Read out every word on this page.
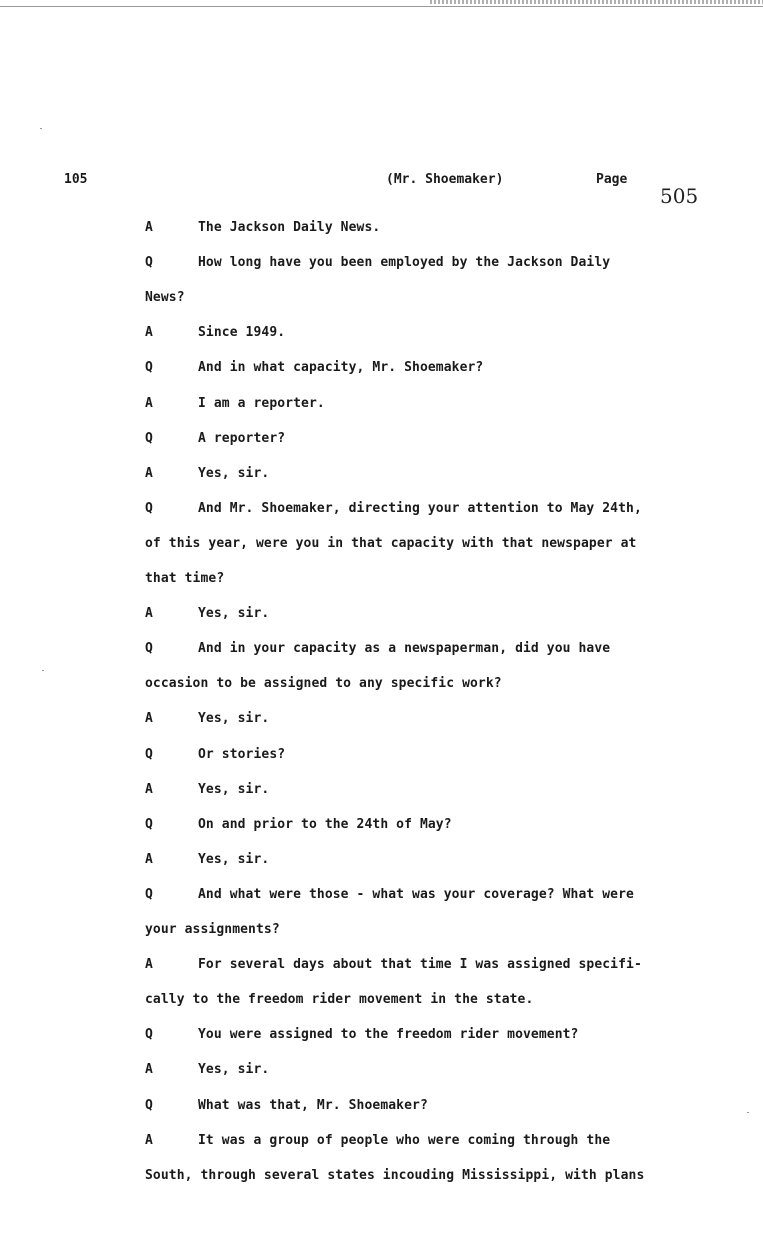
105	(Mr. Shoemaker)	Page
505
A	The Jackson Daily News.
Q	How long have you been employed by the Jackson Daily
News?
A	Since 1949.
Q	And in what capacity, Mr. Shoemaker?
A	I am a reporter.
Q	A reporter?
A	Yes, sir.
Q	And Mr. Shoemaker, directing your attention to May 24th,
of this year, were you in that capacity with that newspaper at
that time?
A	Yes, sir.
Q	And in your capacity as a newspaperman, did you have
occasion to be assigned to any specific work?
A	Yes, sir.
Q	Or stories?
A	Yes, sir.
Q	On and prior to the 24th of May?
A	Yes, sir.
Q	And what were those - what was your coverage? What were
your assignments?
A	For several days about that time I was assigned specifi-
cally to the freedom rider movement in the state.
Q	You were assigned to the freedom rider movement?
A	Yes, sir.
Q	What was that, Mr. Shoemaker?
A	It was a group of people who were coming through the
South, through several states incouding Mississippi, with plans
